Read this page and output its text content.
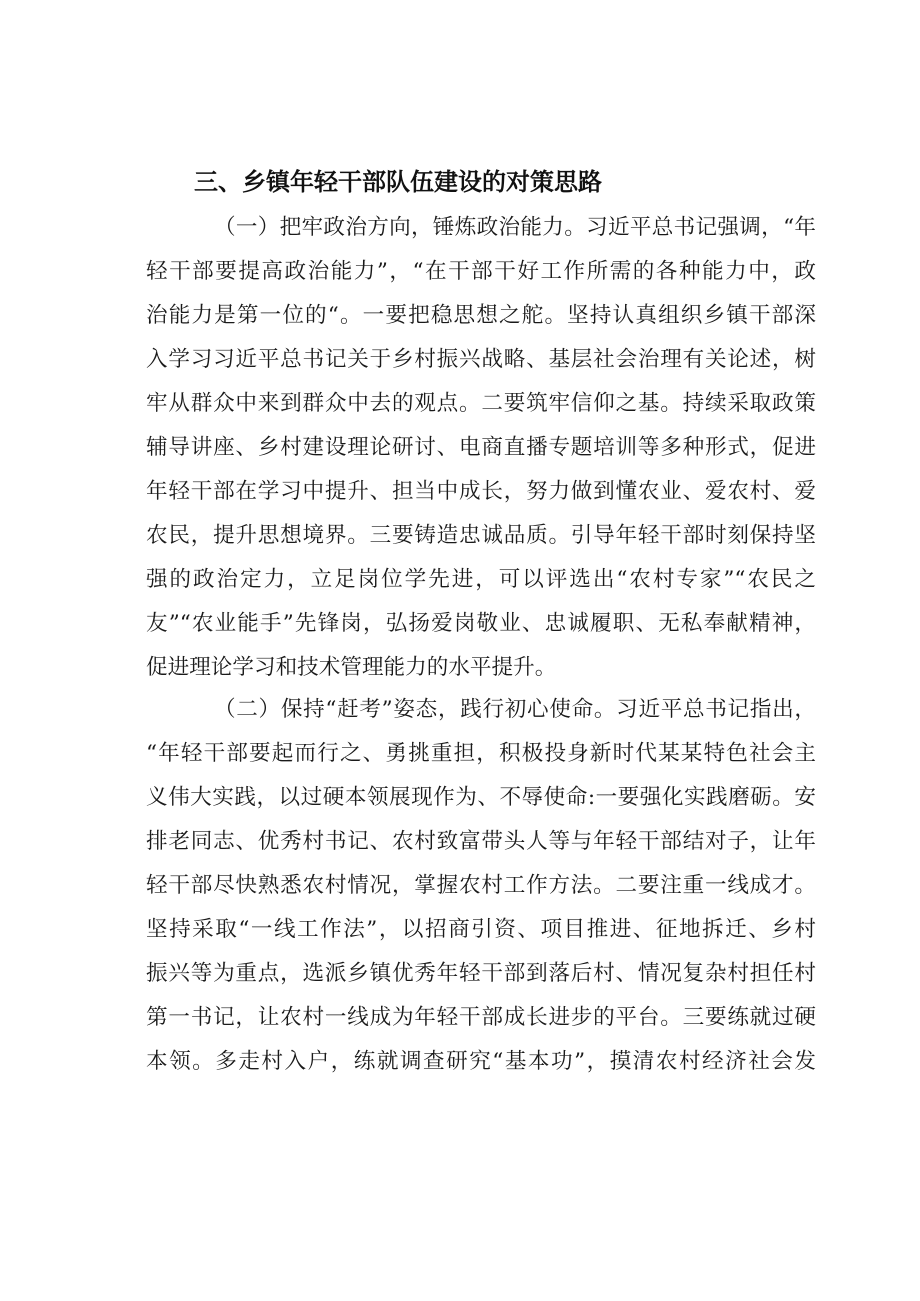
三、乡镇年轻干部队伍建设的对策思路
（一）把牢政治方向，锤炼政治能力。习近平总书记强调，“年
轻干部要提高政治能力”，“在干部干好工作所需的各种能力中，政
治能力是第一位的“。一要把稳思想之舵。坚持认真组织乡镇干部深
入学习习近平总书记关于乡村振兴战略、基层社会治理有关论述，树
牢从群众中来到群众中去的观点。二要筑牢信仰之基。持续采取政策
辅导讲座、乡村建设理论研讨、电商直播专题培训等多种形式，促进
年轻干部在学习中提升、担当中成长，努力做到懂农业、爱农村、爱
农民，提升思想境界。三要铸造忠诚品质。引导年轻干部时刻保持坚
强的政治定力，立足岗位学先进，可以评选出“农村专家”“农民之
友”“农业能手”先锋岗，弘扬爱岗敬业、忠诚履职、无私奉献精神，
促进理论学习和技术管理能力的水平提升。
（二）保持“赶考”姿态，践行初心使命。习近平总书记指出，
“年轻干部要起而行之、勇挑重担，积极投身新时代某某特色社会主
义伟大实践，以过硬本领展现作为、不辱使命:一要强化实践磨砺。安
排老同志、优秀村书记、农村致富带头人等与年轻干部结对子，让年
轻干部尽快熟悉农村情况，掌握农村工作方法。二要注重一线成才。
坚持采取“一线工作法”，以招商引资、项目推进、征地拆迁、乡村
振兴等为重点，选派乡镇优秀年轻干部到落后村、情况复杂村担任村
第一书记，让农村一线成为年轻干部成长进步的平台。三要练就过硬
本领。多走村入户，练就调查研究“基本功”，摸清农村经济社会发
